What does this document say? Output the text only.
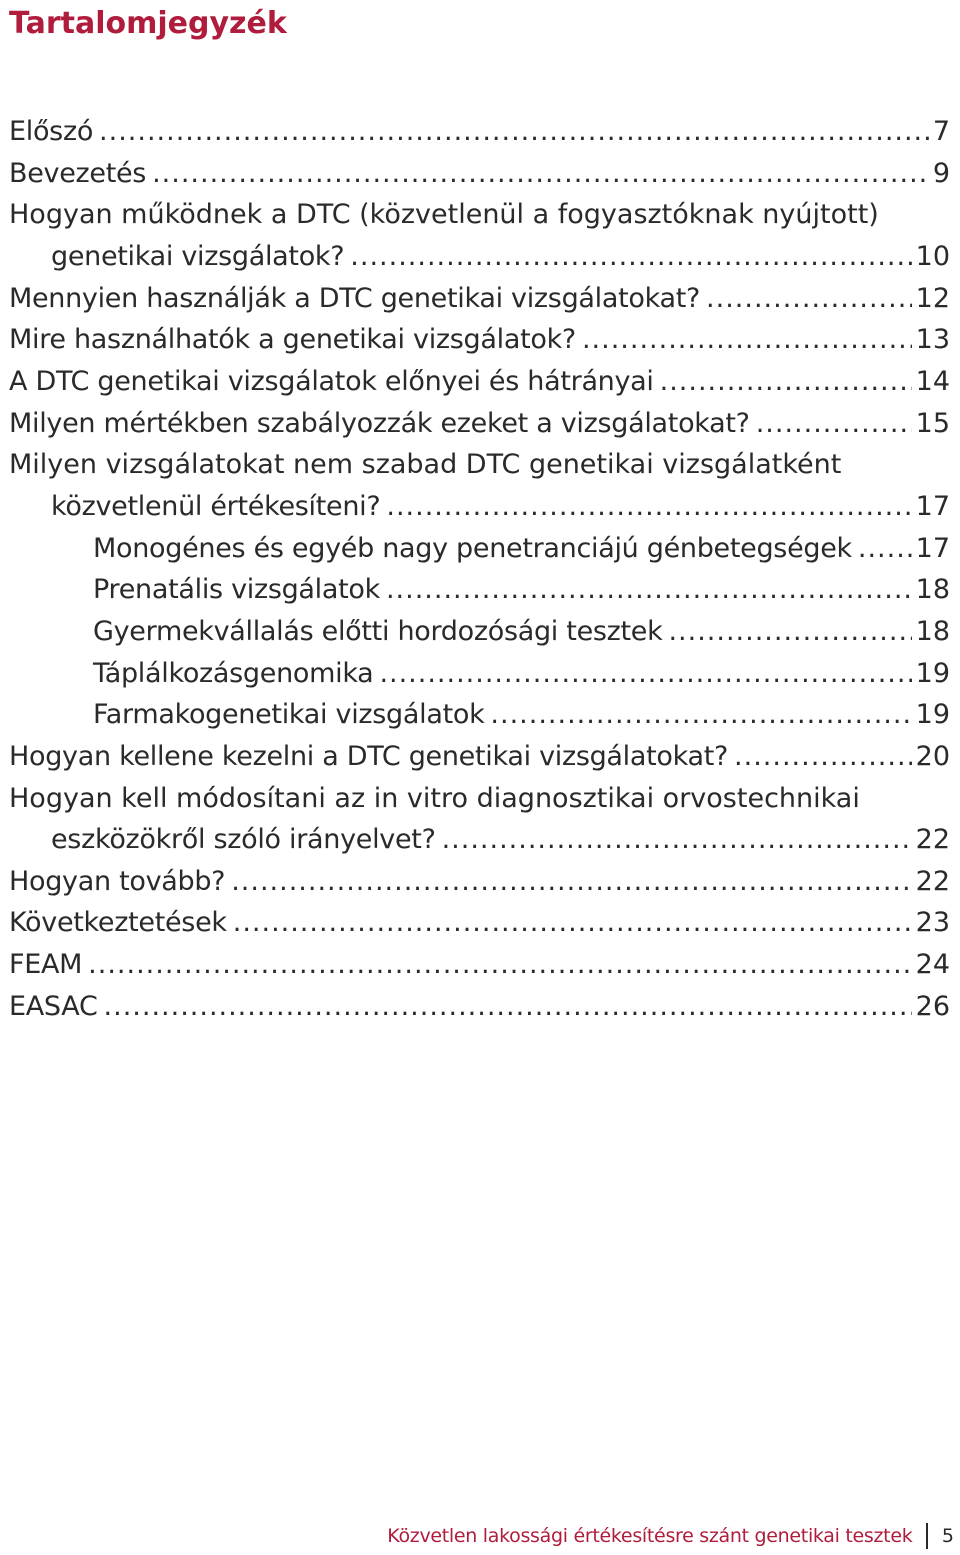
Tartalomjegyzék
Előszó .....	7
Bevezetés .....	9
Hogyan működnek a DTC (közvetlenül a fogyasztóknak nyújtott)
genetikai vizsgálatok? .....	10
Mennyien használják a DTC genetikai vizsgálatokat? .....	12
Mire használhatók a genetikai vizsgálatok? .....	13
A DTC genetikai vizsgálatok előnyei és hátrányai .....	14
Milyen mértékben szabályozzák ezeket a vizsgálatokat? .....	15
Milyen vizsgálatokat nem szabad DTC genetikai vizsgálatként
közvetlenül értékesíteni? .....	17
Monogénes és egyéb nagy penetranciájú génbetegségek ..... 17
Prenatális vizsgálatok .....	18
Gyermekvállalás előtti hordozósági tesztek .....	18
Táplálkozásgenomika .....	19
Farmakogenetikai vizsgálatok .....	19
Hogyan kellene kezelni a DTC genetikai vizsgálatokat? .....	20
Hogyan kell módosítani az in vitro diagnosztikai orvostechnikai
eszközökről szóló irányelvet? .....	22
Hogyan tovább? .....	22
Következtetések .....	23
FEAM .....	24
EASAC .....	26
Közvetlen lakossági értékesítésre szánt genetikai tesztek 5
